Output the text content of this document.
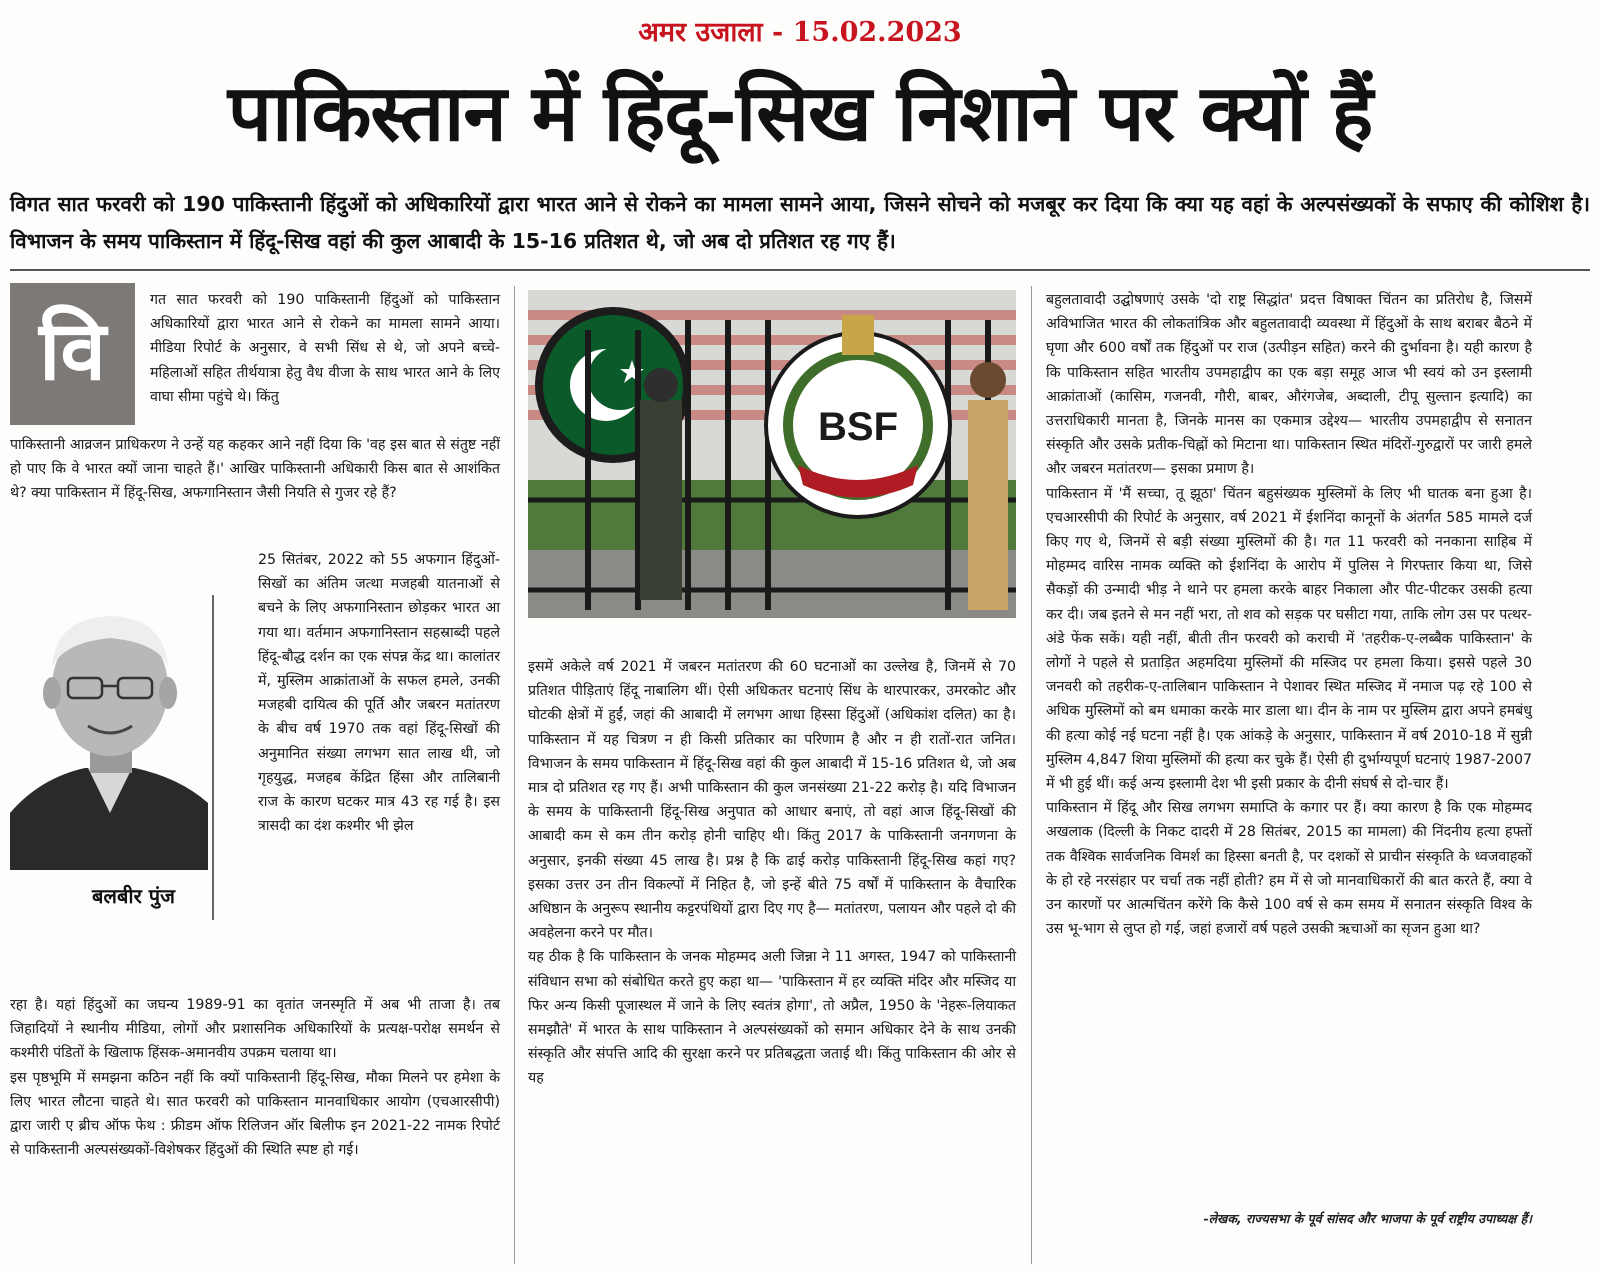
अमर उजाला - 15.02.2023
पाकिस्तान में हिंदू-सिख निशाने पर क्यों हैं
विगत सात फरवरी को 190 पाकिस्तानी हिंदुओं को अधिकारियों द्वारा भारत आने से रोकने का मामला सामने आया, जिसने सोचने को मजबूर कर दिया कि क्या यह वहां के अल्पसंख्यकों के सफाए की कोशिश है। विभाजन के समय पाकिस्तान में हिंदू-सिख वहां की कुल आबादी के 15-16 प्रतिशत थे, जो अब दो प्रतिशत रह गए हैं।
वि
गत सात फरवरी को 190 पाकिस्तानी हिंदुओं को पाकिस्तान अधिकारियों द्वारा भारत आने से रोकने का मामला सामने आया। मीडिया रिपोर्ट के अनुसार, वे सभी सिंध से थे, जो अपने बच्चे-महिलाओं सहित तीर्थयात्रा हेतु वैध वीजा के साथ भारत आने के लिए वाघा सीमा पहुंचे थे। किंतु
पाकिस्तानी आव्रजन प्राधिकरण ने उन्हें यह कहकर आने नहीं दिया कि 'वह इस बात से संतुष्ट नहीं हो पाए कि वे भारत क्यों जाना चाहते हैं।' आखिर पाकिस्तानी अधिकारी किस बात से आशंकित थे? क्या पाकिस्तान में हिंदू-सिख, अफगानिस्तान जैसी नियति से गुजर रहे हैं?
25 सितंबर, 2022 को 55 अफगान हिंदुओं-सिखों का अंतिम जत्था मजहबी यातनाओं से बचने के लिए अफगानिस्तान छोड़कर भारत आ गया था। वर्तमान अफगानिस्तान सहस्राब्दी पहले हिंदू-बौद्ध दर्शन का एक संपन्न केंद्र था। कालांतर में, मुस्लिम आक्रांताओं के सफल हमले, उनकी मजहबी दायित्व की पूर्ति और जबरन मतांतरण के बीच वर्ष 1970 तक वहां हिंदू-सिखों की अनुमानित संख्या लगभग सात लाख थी, जो गृहयुद्ध, मजहब केंद्रित हिंसा और तालिबानी राज के कारण घटकर मात्र 43 रह गई है। इस त्रासदी का दंश कश्मीर भी झेल
बलबीर पुंज

रहा है। यहां हिंदुओं का जघन्य 1989-91 का वृतांत जनस्मृति में अब भी ताजा है। तब जिहादियों ने स्थानीय मीडिया, लोगों और प्रशासनिक अधिकारियों के प्रत्यक्ष-परोक्ष समर्थन से कश्मीरी पंडितों के खिलाफ हिंसक-अमानवीय उपक्रम चलाया था।

इस पृष्ठभूमि में समझना कठिन नहीं कि क्यों पाकिस्तानी हिंदू-सिख, मौका मिलने पर हमेशा के लिए भारत लौटना चाहते थे। सात फरवरी को पाकिस्तान मानवाधिकार आयोग (एचआरसीपी) द्वारा जारी ए ब्रीच ऑफ फेथ : फ्रीडम ऑफ रिलिजन ऑर बिलीफ इन 2021-22 नामक रिपोर्ट से पाकिस्तानी अल्पसंख्यकों-विशेषकर हिंदुओं की स्थिति स्पष्ट हो गई।

BSF

इसमें अकेले वर्ष 2021 में जबरन मतांतरण की 60 घटनाओं का उल्लेख है, जिनमें से 70 प्रतिशत पीड़िताएं हिंदू नाबालिग थीं। ऐसी अधिकतर घटनाएं सिंध के थारपारकर, उमरकोट और घोटकी क्षेत्रों में हुईं, जहां की आबादी में लगभग आधा हिस्सा हिंदुओं (अधिकांश दलित) का है। पाकिस्तान में यह चित्रण न ही किसी प्रतिकार का परिणाम है और न ही रातों-रात जनित। विभाजन के समय पाकिस्तान में हिंदू-सिख वहां की कुल आबादी में 15-16 प्रतिशत थे, जो अब मात्र दो प्रतिशत रह गए हैं। अभी पाकिस्तान की कुल जनसंख्या 21-22 करोड़ है। यदि विभाजन के समय के पाकिस्तानी हिंदू-सिख अनुपात को आधार बनाएं, तो वहां आज हिंदू-सिखों की आबादी कम से कम तीन करोड़ होनी चाहिए थी। किंतु 2017 के पाकिस्तानी जनगणना के अनुसार, इनकी संख्या 45 लाख है। प्रश्न है कि ढाई करोड़ पाकिस्तानी हिंदू-सिख कहां गए? इसका उत्तर उन तीन विकल्पों में निहित है, जो इन्हें बीते 75 वर्षों में पाकिस्तान के वैचारिक अधिष्ठान के अनुरूप स्थानीय कट्टरपंथियों द्वारा दिए गए है— मतांतरण, पलायन और पहले दो की अवहेलना करने पर मौत।

यह ठीक है कि पाकिस्तान के जनक मोहम्मद अली जिन्ना ने 11 अगस्त, 1947 को पाकिस्तानी संविधान सभा को संबोधित करते हुए कहा था— 'पाकिस्तान में हर व्यक्ति मंदिर और मस्जिद या फिर अन्य किसी पूजास्थल में जाने के लिए स्वतंत्र होगा', तो अप्रैल, 1950 के 'नेहरू-लियाकत समझौते' में भारत के साथ पाकिस्तान ने अल्पसंख्यकों को समान अधिकार देने के साथ उनकी संस्कृति और संपत्ति आदि की सुरक्षा करने पर प्रतिबद्धता जताई थी। किंतु पाकिस्तान की ओर से यह

बहुलतावादी उद्घोषणाएं उसके 'दो राष्ट्र सिद्धांत' प्रदत्त विषाक्त चिंतन का प्रतिरोध है, जिसमें अविभाजित भारत की लोकतांत्रिक और बहुलतावादी व्यवस्था में हिंदुओं के साथ बराबर बैठने में घृणा और 600 वर्षों तक हिंदुओं पर राज (उत्पीड़न सहित) करने की दुर्भावना है। यही कारण है कि पाकिस्तान सहित भारतीय उपमहाद्वीप का एक बड़ा समूह आज भी स्वयं को उन इस्लामी आक्रांताओं (कासिम, गजनवी, गौरी, बाबर, औरंगजेब, अब्दाली, टीपू सुल्तान इत्यादि) का उत्तराधिकारी मानता है, जिनके मानस का एकमात्र उद्देश्य— भारतीय उपमहाद्वीप से सनातन संस्कृति और उसके प्रतीक-चिह्नों को मिटाना था। पाकिस्तान स्थित मंदिरों-गुरुद्वारों पर जारी हमले और जबरन मतांतरण— इसका प्रमाण है।

पाकिस्तान में 'मैं सच्चा, तू झूठा' चिंतन बहुसंख्यक मुस्लिमों के लिए भी घातक बना हुआ है। एचआरसीपी की रिपोर्ट के अनुसार, वर्ष 2021 में ईशनिंदा कानूनों के अंतर्गत 585 मामले दर्ज किए गए थे, जिनमें से बड़ी संख्या मुस्लिमों की है। गत 11 फरवरी को ननकाना साहिब में मोहम्मद वारिस नामक व्यक्ति को ईशनिंदा के आरोप में पुलिस ने गिरफ्तार किया था, जिसे सैकड़ों की उन्मादी भीड़ ने थाने पर हमला करके बाहर निकाला और पीट-पीटकर उसकी हत्या कर दी। जब इतने से मन नहीं भरा, तो शव को सड़क पर घसीटा गया, ताकि लोग उस पर पत्थर-अंडे फेंक सकें। यही नहीं, बीती तीन फरवरी को कराची में 'तहरीक-ए-लब्बैक पाकिस्तान' के लोगों ने पहले से प्रताड़ित अहमदिया मुस्लिमों की मस्जिद पर हमला किया। इससे पहले 30 जनवरी को तहरीक-ए-तालिबान पाकिस्तान ने पेशावर स्थित मस्जिद में नमाज पढ़ रहे 100 से अधिक मुस्लिमों को बम धमाका करके मार डाला था। दीन के नाम पर मुस्लिम द्वारा अपने हमबंधु की हत्या कोई नई घटना नहीं है। एक आंकड़े के अनुसार, पाकिस्तान में वर्ष 2010-18 में सुन्नी मुस्लिम 4,847 शिया मुस्लिमों की हत्या कर चुके हैं। ऐसी ही दुर्भाग्यपूर्ण घटनाएं 1987-2007 में भी हुई थीं। कई अन्य इस्लामी देश भी इसी प्रकार के दीनी संघर्ष से दो-चार हैं।

पाकिस्तान में हिंदू और सिख लगभग समाप्ति के कगार पर हैं। क्या कारण है कि एक मोहम्मद अखलाक (दिल्ली के निकट दादरी में 28 सितंबर, 2015 का मामला) की निंदनीय हत्या हफ्तों तक वैश्विक सार्वजनिक विमर्श का हिस्सा बनती है, पर दशकों से प्राचीन संस्कृति के ध्वजवाहकों के हो रहे नरसंहार पर चर्चा तक नहीं होती? हम में से जो मानवाधिकारों की बात करते हैं, क्या वे उन कारणों पर आत्मचिंतन करेंगे कि कैसे 100 वर्ष से कम समय में सनातन संस्कृति विश्व के उस भू-भाग से लुप्त हो गई, जहां हजारों वर्ष पहले उसकी ऋचाओं का सृजन हुआ था?

-लेखक, राज्यसभा के पूर्व सांसद और भाजपा के पूर्व राष्ट्रीय उपाध्यक्ष हैं।
